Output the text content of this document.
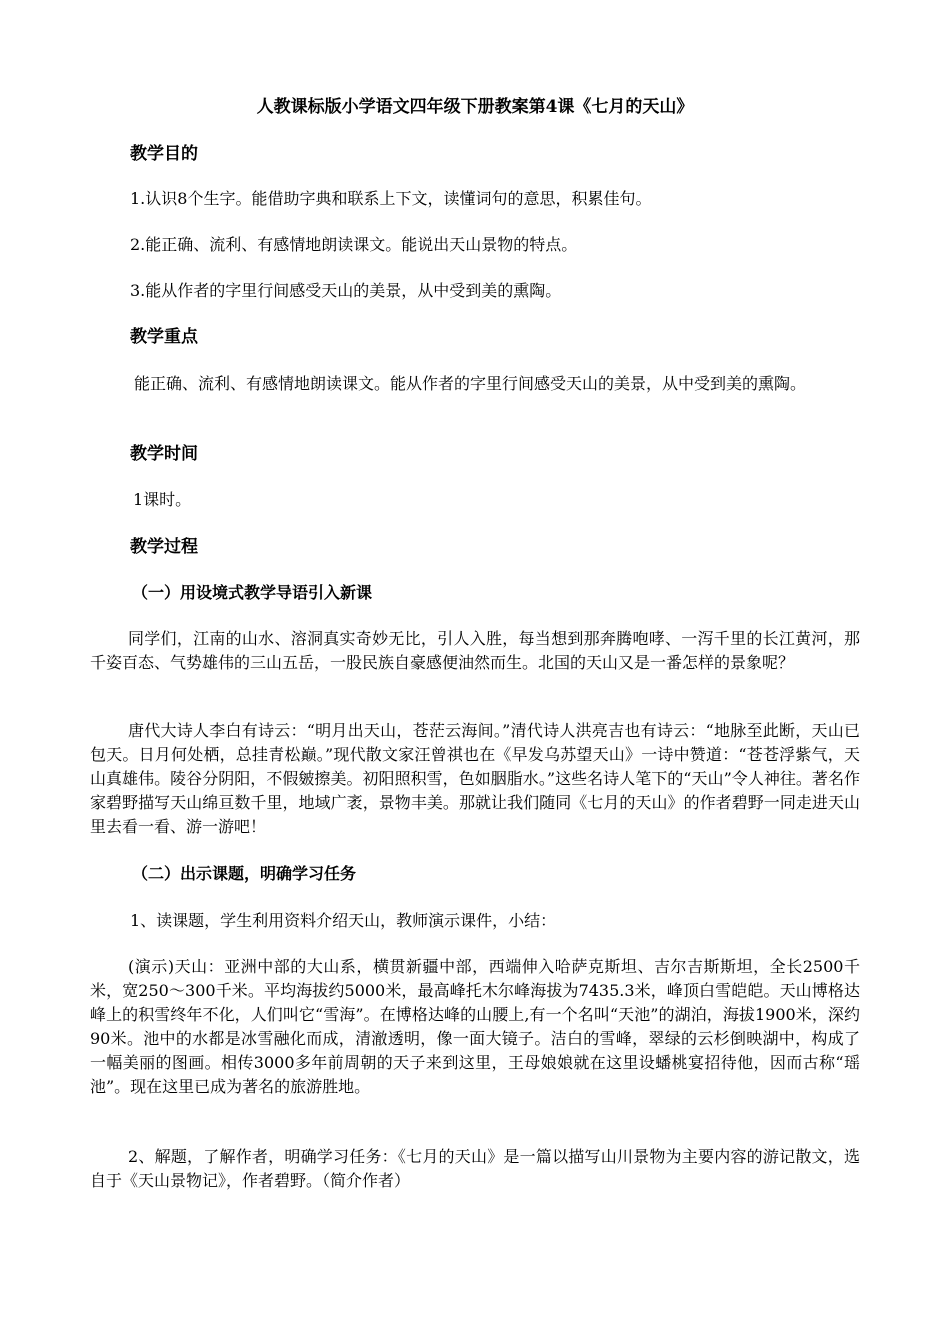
人教课标版小学语文四年级下册教案第4课《七月的天山》
教学目的
1.认识8个生字。能借助字典和联系上下文，读懂词句的意思，积累佳句。
2.能正确、流利、有感情地朗读课文。能说出天山景物的特点。
3.能从作者的字里行间感受天山的美景，从中受到美的熏陶。
教学重点

能正确、流利、有感情地朗读课文。能从作者的字里行间感受天山的美景，从中受到美的熏陶。

教学时间
1课时。
教学过程
（一）用设境式教学导语引入新课

同学们，江南的山水、溶洞真实奇妙无比，引人入胜，每当想到那奔腾咆哮、一泻千里的长江黄河，那千姿百态、气势雄伟的三山五岳，一股民族自豪感便油然而生。北国的天山又是一番怎样的景象呢？

唐代大诗人李白有诗云：“明月出天山，苍茫云海间。”清代诗人洪亮吉也有诗云：“地脉至此断，天山已包天。日月何处栖，总挂青松巅。”现代散文家汪曾祺也在《早发乌苏望天山》一诗中赞道：“苍苍浮紫气，天山真雄伟。陵谷分阴阳，不假皴擦美。初阳照积雪，色如胭脂水。”这些名诗人笔下的“天山”令人神往。著名作家碧野描写天山绵亘数千里，地域广袤，景物丰美。那就让我们随同《七月的天山》的作者碧野一同走进天山里去看一看、游一游吧！

（二）出示课题，明确学习任务
1、读课题，学生利用资料介绍天山，教师演示课件，小结：

(演示)天山：亚洲中部的大山系，横贯新疆中部，西端伸入哈萨克斯坦、吉尔吉斯斯坦，全长2500千米，宽250～300千米。平均海拔约5000米，最高峰托木尔峰海拔为7435.3米，峰顶白雪皑皑。天山博格达峰上的积雪终年不化，人们叫它“雪海”。在博格达峰的山腰上,有一个名叫“天池”的湖泊，海拔1900米，深约90米。池中的水都是冰雪融化而成，清澈透明，像一面大镜子。洁白的雪峰，翠绿的云杉倒映湖中，构成了一幅美丽的图画。相传3000多年前周朝的天子来到这里，王母娘娘就在这里设蟠桃宴招待他，因而古称“瑶池”。现在这里已成为著名的旅游胜地。

2、解题，了解作者，明确学习任务：《七月的天山》是一篇以描写山川景物为主要内容的游记散文，选自于《天山景物记》，作者碧野。（简介作者）
